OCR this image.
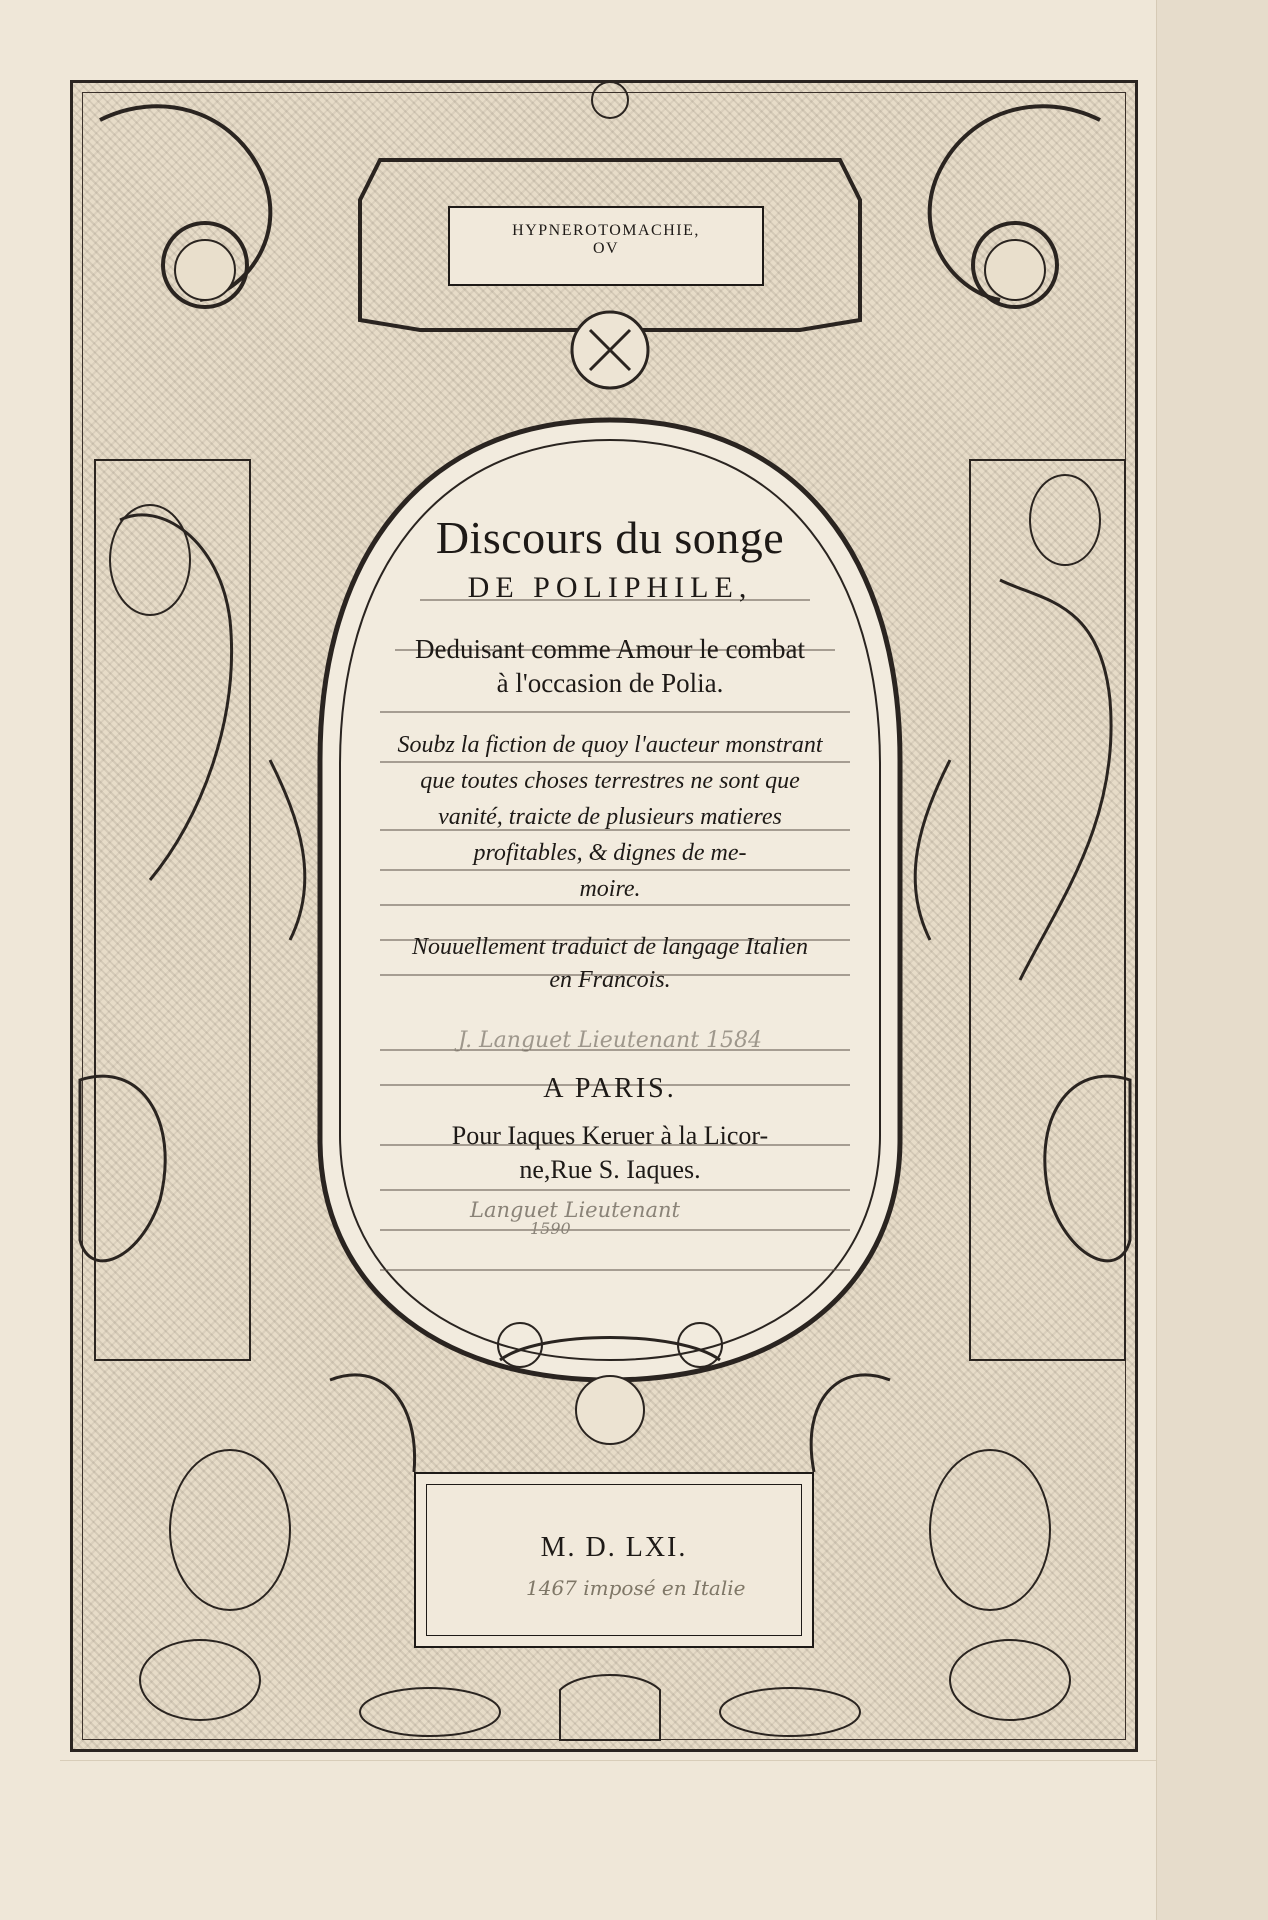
HYPNEROTOMACHIE,
OV
Discours du songe
DE POLIPHILE,
Deduisant comme Amour le combat
à l'occasion de Polia.
Soubz la fiction de quoy l'aucteur monstrant
que toutes choses terrestres ne sont que
vanité, traicte de plusieurs matieres
profitables, & dignes de me-
moire.
Nouuellement traduict de langage Italien
en Francois.
J. Languet Lieutenant 1584
A PARIS.
Pour Iaques Keruer à la Licor-
ne,Rue S. Iaques.
Languet Lieutenant
1590
M. D. LXI.
1467 imposé en Italie
